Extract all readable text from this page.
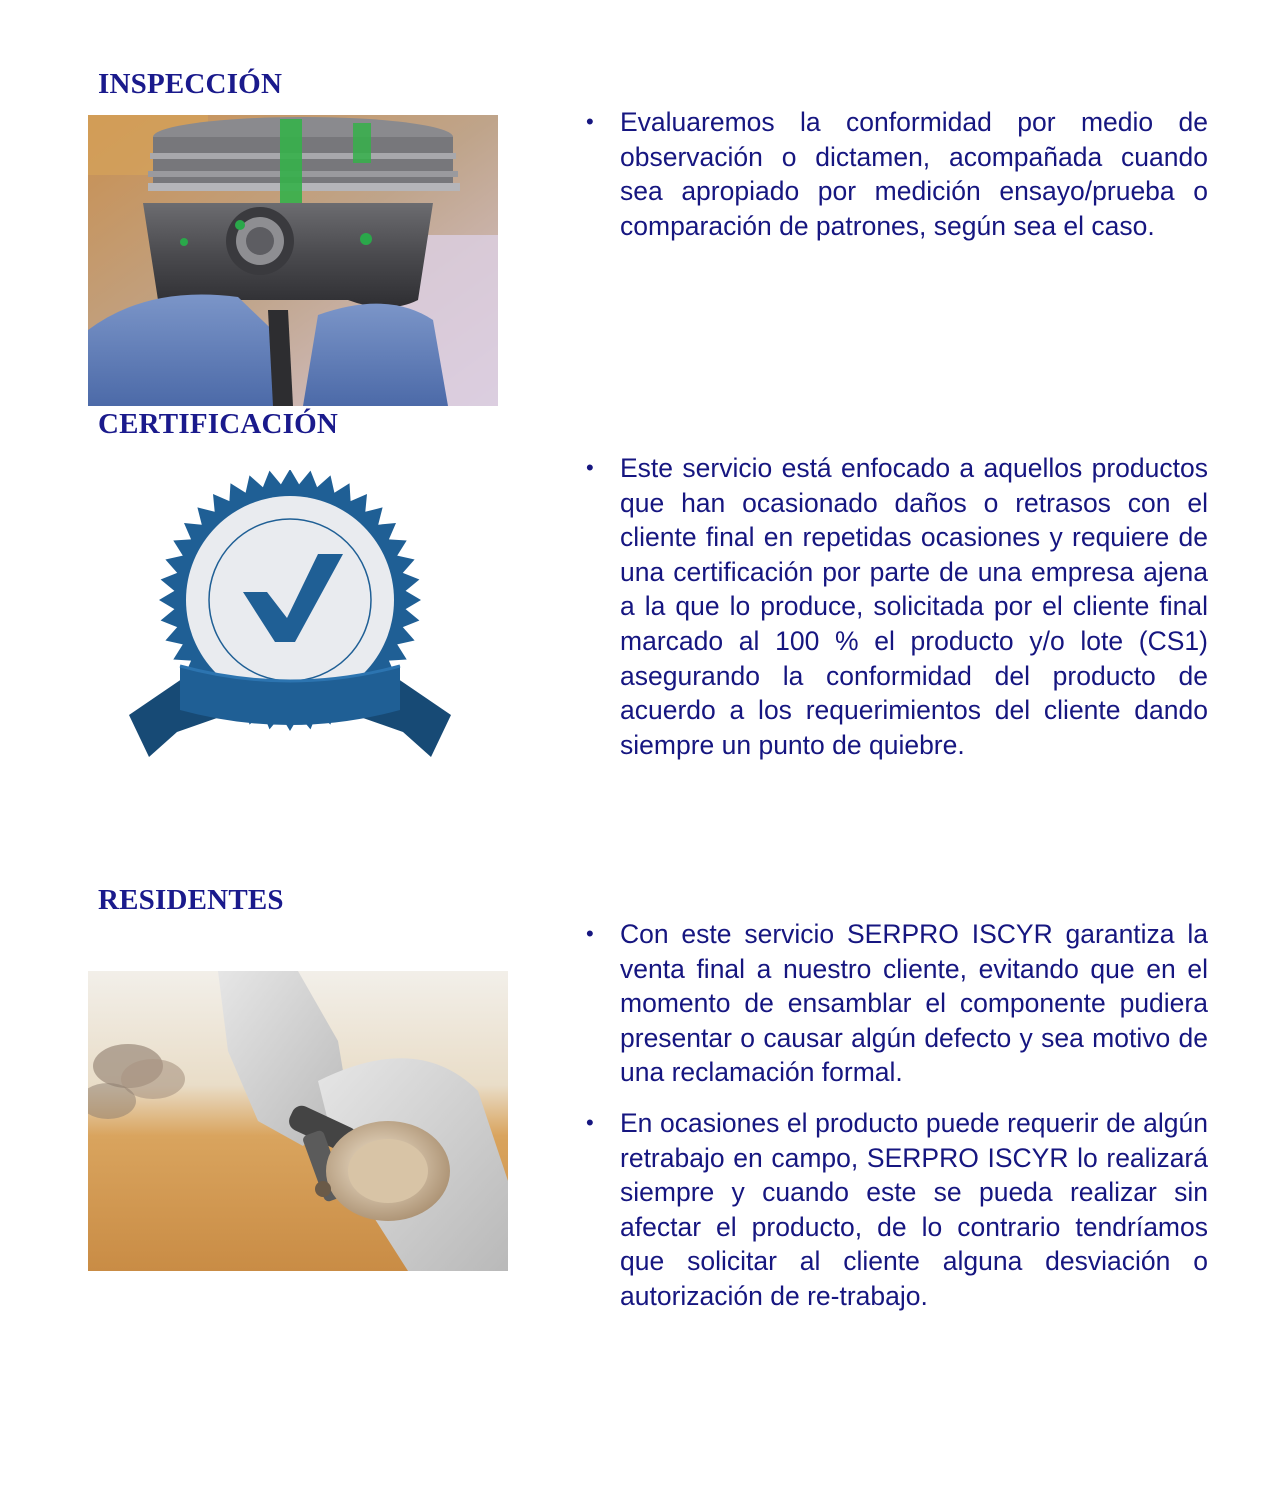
INSPECCIÓN
• Evaluaremos la conformidad por medio de observación o dictamen, acompañada cuando sea apropiado por medición ensayo/prueba o comparación de patrones, según sea el caso.
CERTIFICACIÓN
• Este servicio está enfocado a aquellos productos que han ocasionado daños o retrasos con el cliente final en repetidas ocasiones y requiere de una certificación por parte de una empresa ajena a la que lo produce, solicitada por el cliente final marcado al 100 % el producto y/o lote (CS1) asegurando la conformidad del producto de acuerdo a los requerimientos del cliente dando siempre un punto de quiebre.
RESIDENTES
• Con este servicio SERPRO ISCYR garantiza la venta final a nuestro cliente, evitando que en el momento de ensamblar el componente pudiera presentar o causar algún defecto y sea motivo de una reclamación formal.
• En ocasiones el producto puede requerir de algún retrabajo en campo, SERPRO ISCYR lo realizará siempre y cuando este se pueda realizar sin afectar el producto, de lo contrario tendríamos que solicitar al cliente alguna desviación o autorización de re-trabajo.
